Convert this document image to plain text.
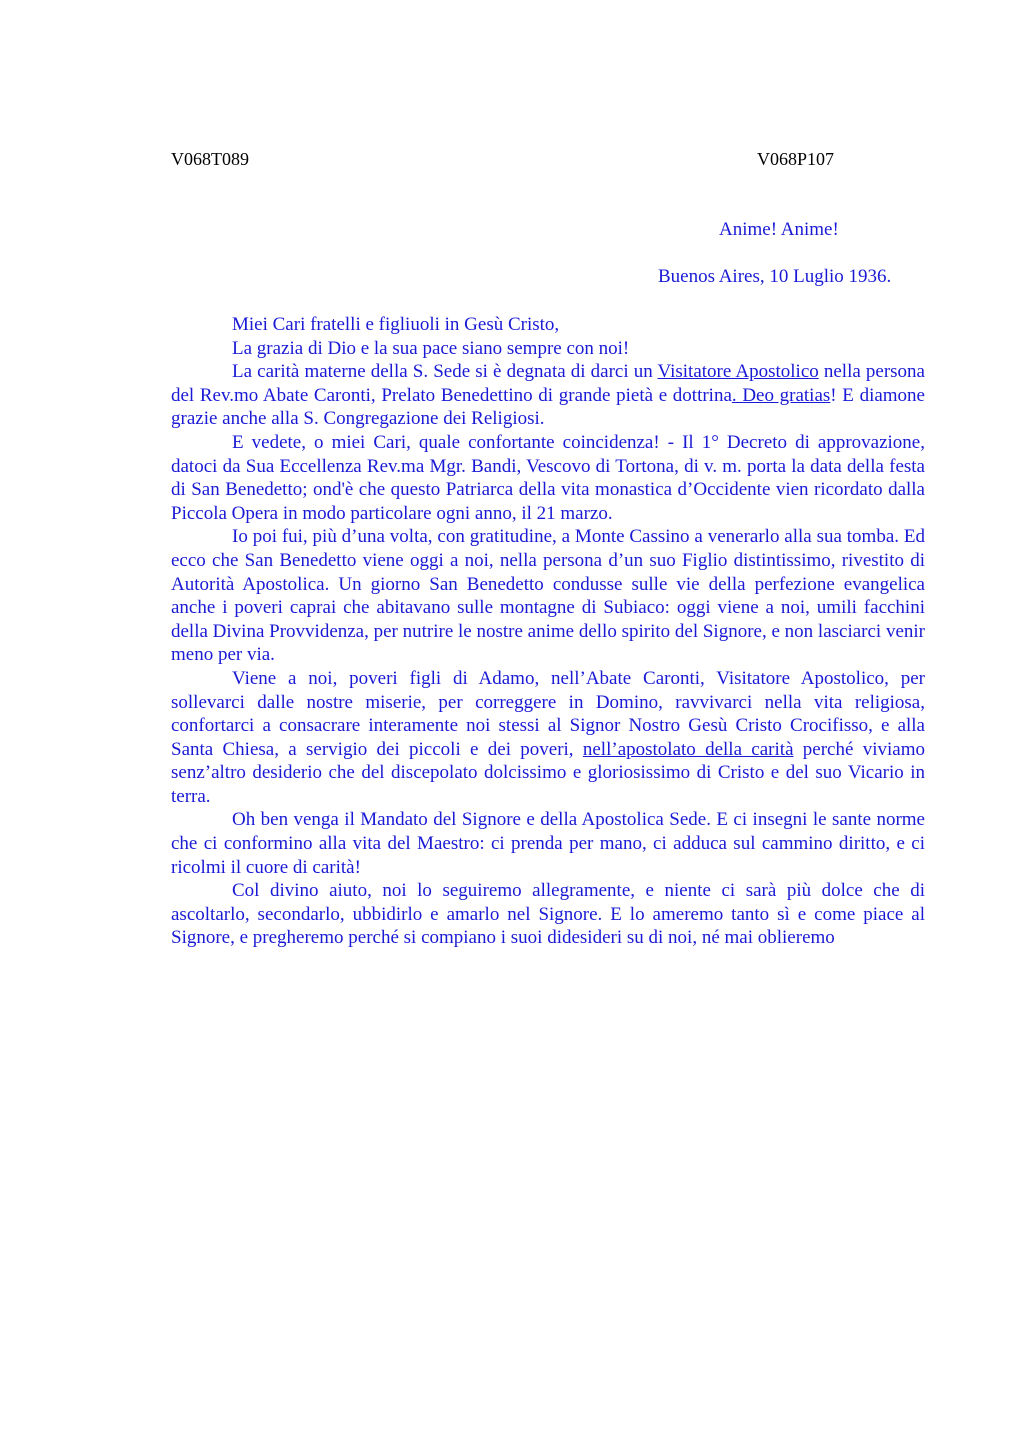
V068T089	V068P107
Anime! Anime!
Buenos Aires, 10 Luglio 1936.

Miei Cari fratelli e figliuoli in Gesù Cristo,

La grazia di Dio e la sua pace siano sempre con noi!

La carità materne della S. Sede si è degnata di darci un Visitatore Apostolico nella persona del Rev.mo Abate Caronti, Prelato Benedettino di grande pietà e dottrina. Deo gratias! E diamone grazie anche alla S. Congregazione dei Religiosi.

E vedete, o miei Cari, quale confortante coincidenza! - Il 1° Decreto di approvazione, datoci da Sua Eccellenza Rev.ma Mgr. Bandi, Vescovo di Tortona, di v. m. porta la data della festa di San Benedetto; ond'è che questo Patriarca della vita monastica d’Occidente vien ricordato dalla Piccola Opera in modo particolare ogni anno, il 21 marzo.

Io poi fui, più d’una volta, con gratitudine, a Monte Cassino a venerarlo alla sua tomba. Ed ecco che San Benedetto viene oggi a noi, nella persona d’un suo Figlio distintissimo, rivestito di Autorità Apostolica. Un giorno San Benedetto condusse sulle vie della perfezione evangelica anche i poveri caprai che abitavano sulle montagne di Subiaco: oggi viene a noi, umili facchini della Divina Provvidenza, per nutrire le nostre anime dello spirito del Signore, e non lasciarci venir meno per via.

Viene a noi, poveri figli di Adamo, nell’Abate Caronti, Visitatore Apostolico, per sollevarci dalle nostre miserie, per correggere in Domino, ravvivarci nella vita religiosa, confortarci a consacrare interamente noi stessi al Signor Nostro Gesù Cristo Crocifisso, e alla Santa Chiesa, a servigio dei piccoli e dei poveri, nell’apostolato della carità perché viviamo senz’altro desiderio che del discepolato dolcissimo e gloriosissimo di Cristo e del suo Vicario in terra.

Oh ben venga il Mandato del Signore e della Apostolica Sede. E ci insegni le sante norme che ci conformino alla vita del Maestro: ci prenda per mano, ci adduca sul cammino diritto, e ci ricolmi il cuore di carità!

Col divino aiuto, noi lo seguiremo allegramente, e niente ci sarà più dolce che di ascoltarlo, secondarlo, ubbidirlo e amarlo nel Signore. E lo ameremo tanto sì e come piace al Signore, e pregheremo perché si compiano i suoi didesideri su di noi, né mai oblieremo
